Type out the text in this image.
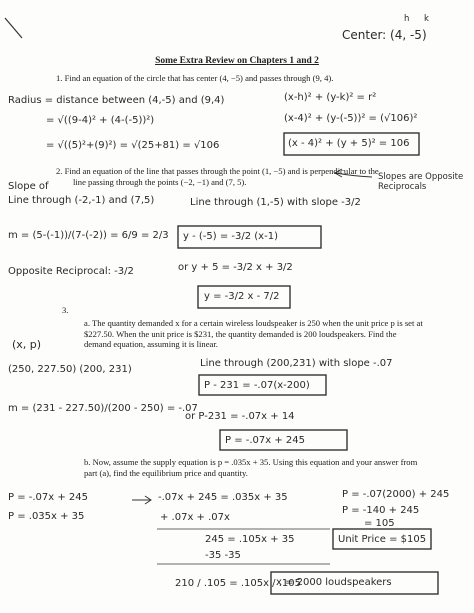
Center: (4, -5)
h k
Some Extra Review on Chapters 1 and 2
1. Find an equation of the circle that has center (4, −5) and passes through (9, 4).
Radius = distance between (4,-5) and (9,4)	(x-h)² + (y-k)² = r²
= √((9-4)² + (4-(-5))²)	(x-4)² + (y-(-5))² = (√106)²
= √((5)²+(9)²) = √(25+81) = √106	(x - 4)² + (y + 5)² = 106
2. Find an equation of the line that passes through the point (1, −5) and is perpendicular to the
line passing through the points (−2, −1) and (7, 5).	Slopes are Opposite Reciprocals
Slope of
Line through (-2,-1) and (7,5)	Line through (1,-5) with slope -3/2
m = (5-(-1))/(7-(-2)) = 6/9 = 2/3 y - (-5) = -3/2 (x-1)
Opposite Reciprocal: -3/2	or y + 5 = -3/2 x + 3/2
y = -3/2 x - 7/2
3.
a. The quantity demanded x for a certain wireless loudspeaker is 250 when the unit price p is set at $227.50. When the unit price is $231, the quantity demanded is 200 loudspeakers. Find the demand equation, assuming it is linear.
(x, p)
(250, 227.50) (200, 231)
Line through (200,231) with slope -.07
P - 231 = -.07(x-200)
m = (231 - 227.50)/(200 - 250) = -.07
or P-231 = -.07x + 14
P = -.07x + 245
b. Now, assume the supply equation is p = .035x + 35. Using this equation and your answer from part (a), find the equilibrium price and quantity.
P = -.07x + 245
P = .035x + 35
-.07x + 245 = .035x + 35
+ .07x + .07x
245 = .105x + 35
-35 -35
210 / .105 = .105x / .105
x = 2000 loudspeakers
P = -.07(2000) + 245
P = -140 + 245
= 105
Unit Price = $105
